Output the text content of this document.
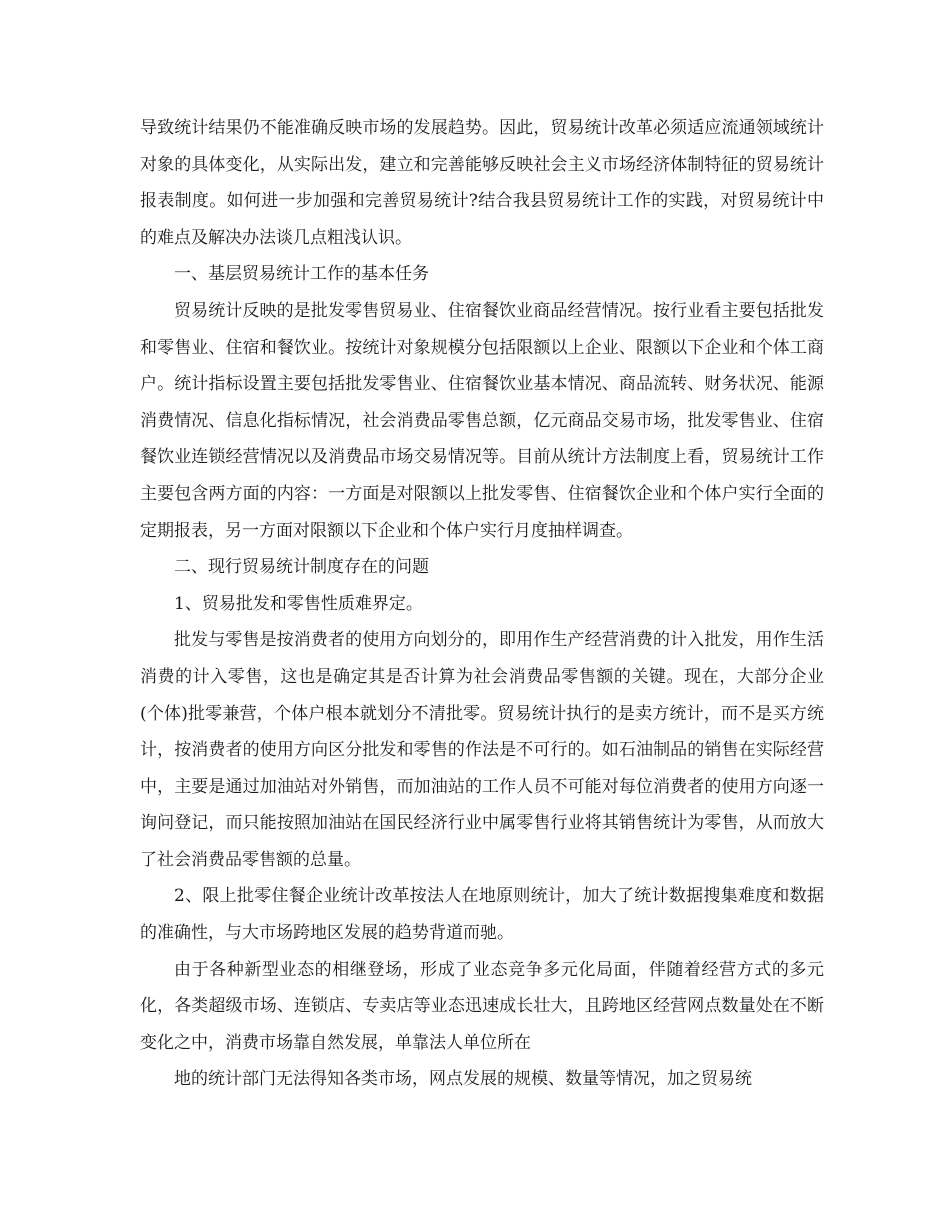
导致统计结果仍不能准确反映市场的发展趋势。因此，贸易统计改革必须适应流通领域统计对象的具体变化，从实际出发，建立和完善能够反映社会主义市场经济体制特征的贸易统计报表制度。如何进一步加强和完善贸易统计?结合我县贸易统计工作的实践，对贸易统计中的难点及解决办法谈几点粗浅认识。

一、基层贸易统计工作的基本任务

贸易统计反映的是批发零售贸易业、住宿餐饮业商品经营情况。按行业看主要包括批发和零售业、住宿和餐饮业。按统计对象规模分包括限额以上企业、限额以下企业和个体工商户。统计指标设置主要包括批发零售业、住宿餐饮业基本情况、商品流转、财务状况、能源消费情况、信息化指标情况，社会消费品零售总额，亿元商品交易市场，批发零售业、住宿餐饮业连锁经营情况以及消费品市场交易情况等。目前从统计方法制度上看，贸易统计工作主要包含两方面的内容：一方面是对限额以上批发零售、住宿餐饮企业和个体户实行全面的定期报表，另一方面对限额以下企业和个体户实行月度抽样调查。

二、现行贸易统计制度存在的问题

1、贸易批发和零售性质难界定。

批发与零售是按消费者的使用方向划分的，即用作生产经营消费的计入批发，用作生活消费的计入零售，这也是确定其是否计算为社会消费品零售额的关键。现在，大部分企业(个体)批零兼营，个体户根本就划分不清批零。贸易统计执行的是卖方统计，而不是买方统计，按消费者的使用方向区分批发和零售的作法是不可行的。如石油制品的销售在实际经营中，主要是通过加油站对外销售，而加油站的工作人员不可能对每位消费者的使用方向逐一询问登记，而只能按照加油站在国民经济行业中属零售行业将其销售统计为零售，从而放大了社会消费品零售额的总量。

2、限上批零住餐企业统计改革按法人在地原则统计，加大了统计数据搜集难度和数据的准确性，与大市场跨地区发展的趋势背道而驰。

由于各种新型业态的相继登场，形成了业态竞争多元化局面，伴随着经营方式的多元化，各类超级市场、连锁店、专卖店等业态迅速成长壮大，且跨地区经营网点数量处在不断变化之中，消费市场靠自然发展，单靠法人单位所在

地的统计部门无法得知各类市场，网点发展的规模、数量等情况，加之贸易统
